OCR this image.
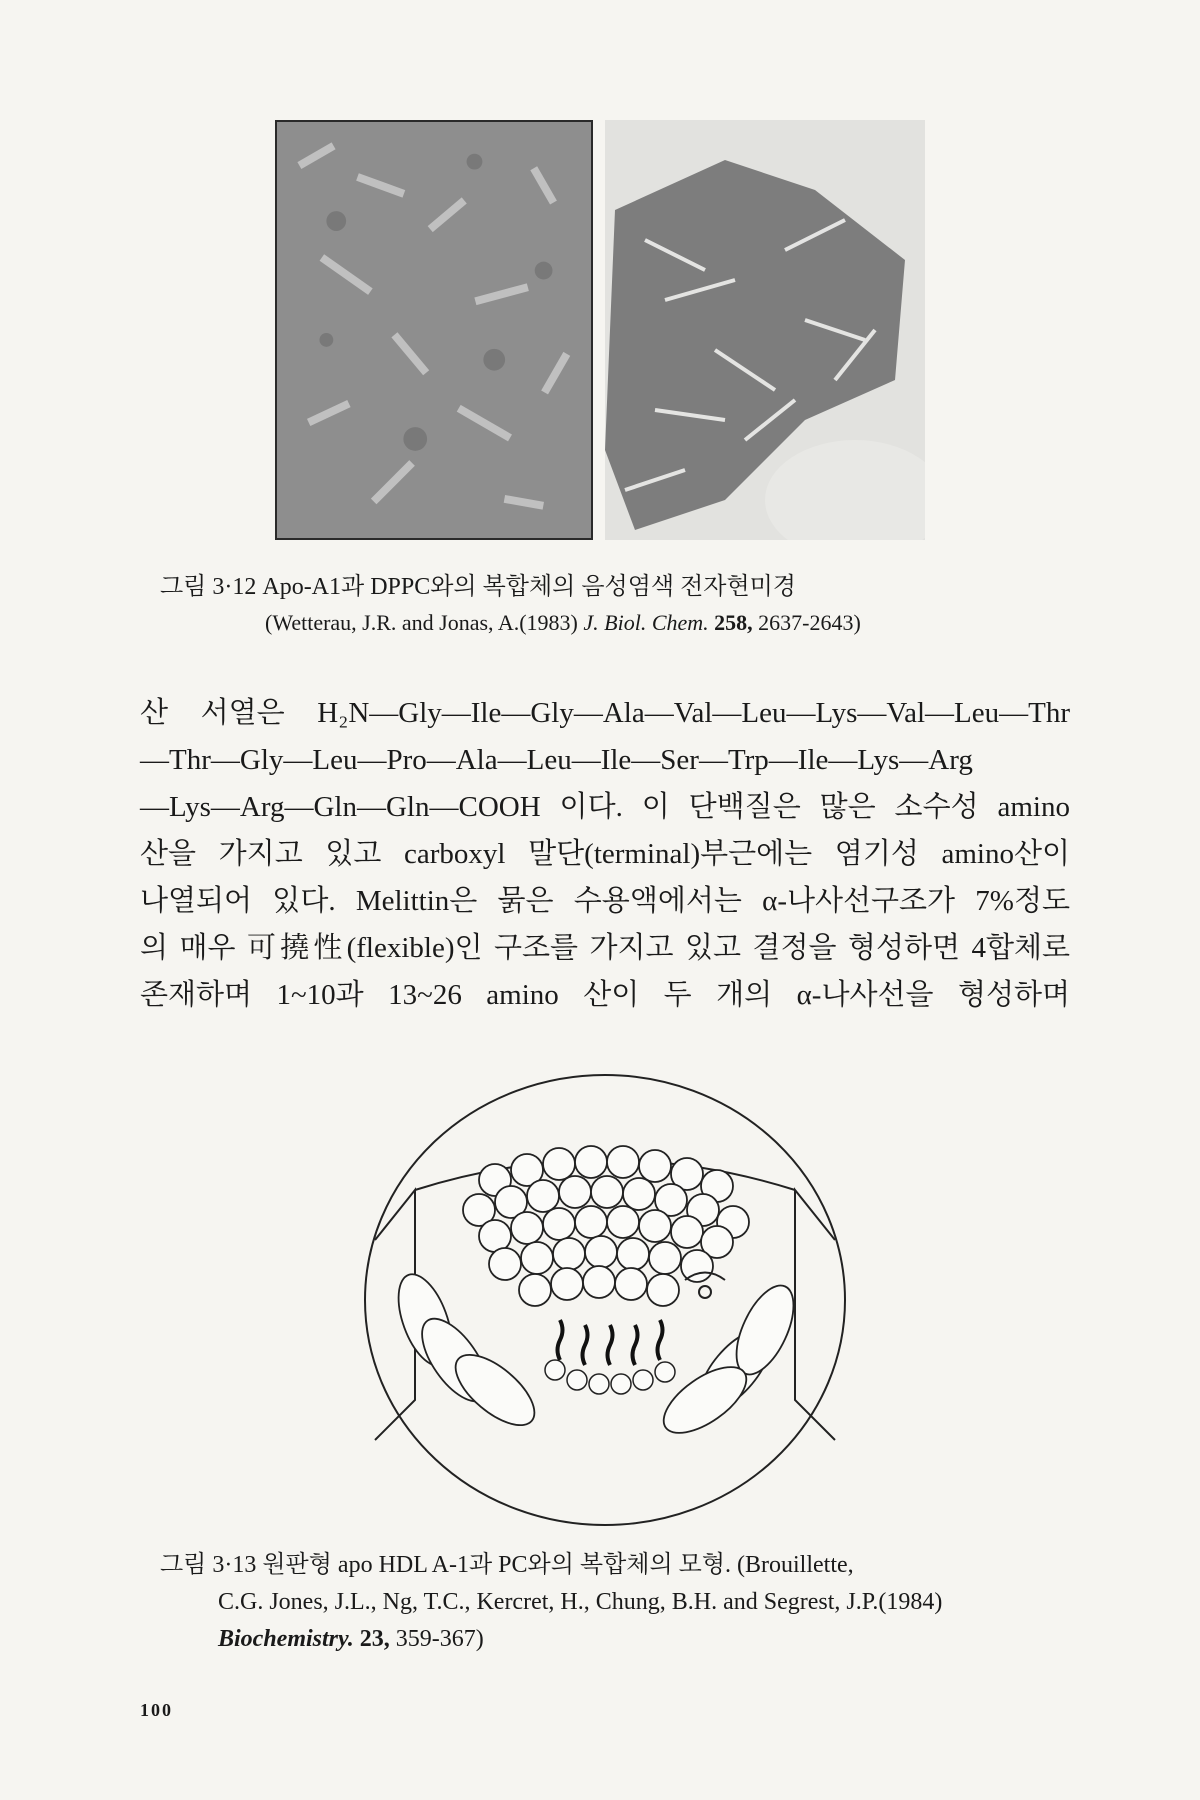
그림 3·12 Apo-A1과 DPPC와의 복합체의 음성염색 전자현미경
(Wetterau, J.R. and Jonas, A.(1983) J. Biol. Chem. 258, 2637-2643)
산 서열은 H₂N—Gly—Ile—Gly—Ala—Val—Leu—Lys—Val—Leu—Thr
—Thr—Gly—Leu—Pro—Ala—Leu—Ile—Ser—Trp—Ile—Lys—Arg
—Lys—Arg—Gln—Gln—COOH 이다. 이 단백질은 많은 소수성 amino
산을 가지고 있고 carboxyl 말단(terminal)부근에는 염기성 amino산이
나열되어 있다. Melittin은 묽은 수용액에서는 α-나사선구조가 7%정도
의 매우 可撓性(flexible)인 구조를 가지고 있고 결정을 형성하면 4합체로
존재하며 1~10과 13~26 amino 산이 두 개의 α-나사선을 형성하며
그림 3·13 원판형 apo HDL A-1과 PC와의 복합체의 모형. (Brouillette,
C.G. Jones, J.L., Ng, T.C., Kercret, H., Chung, B.H. and Segrest, J.P.(1984)
Biochemistry. 23, 359-367)
100
